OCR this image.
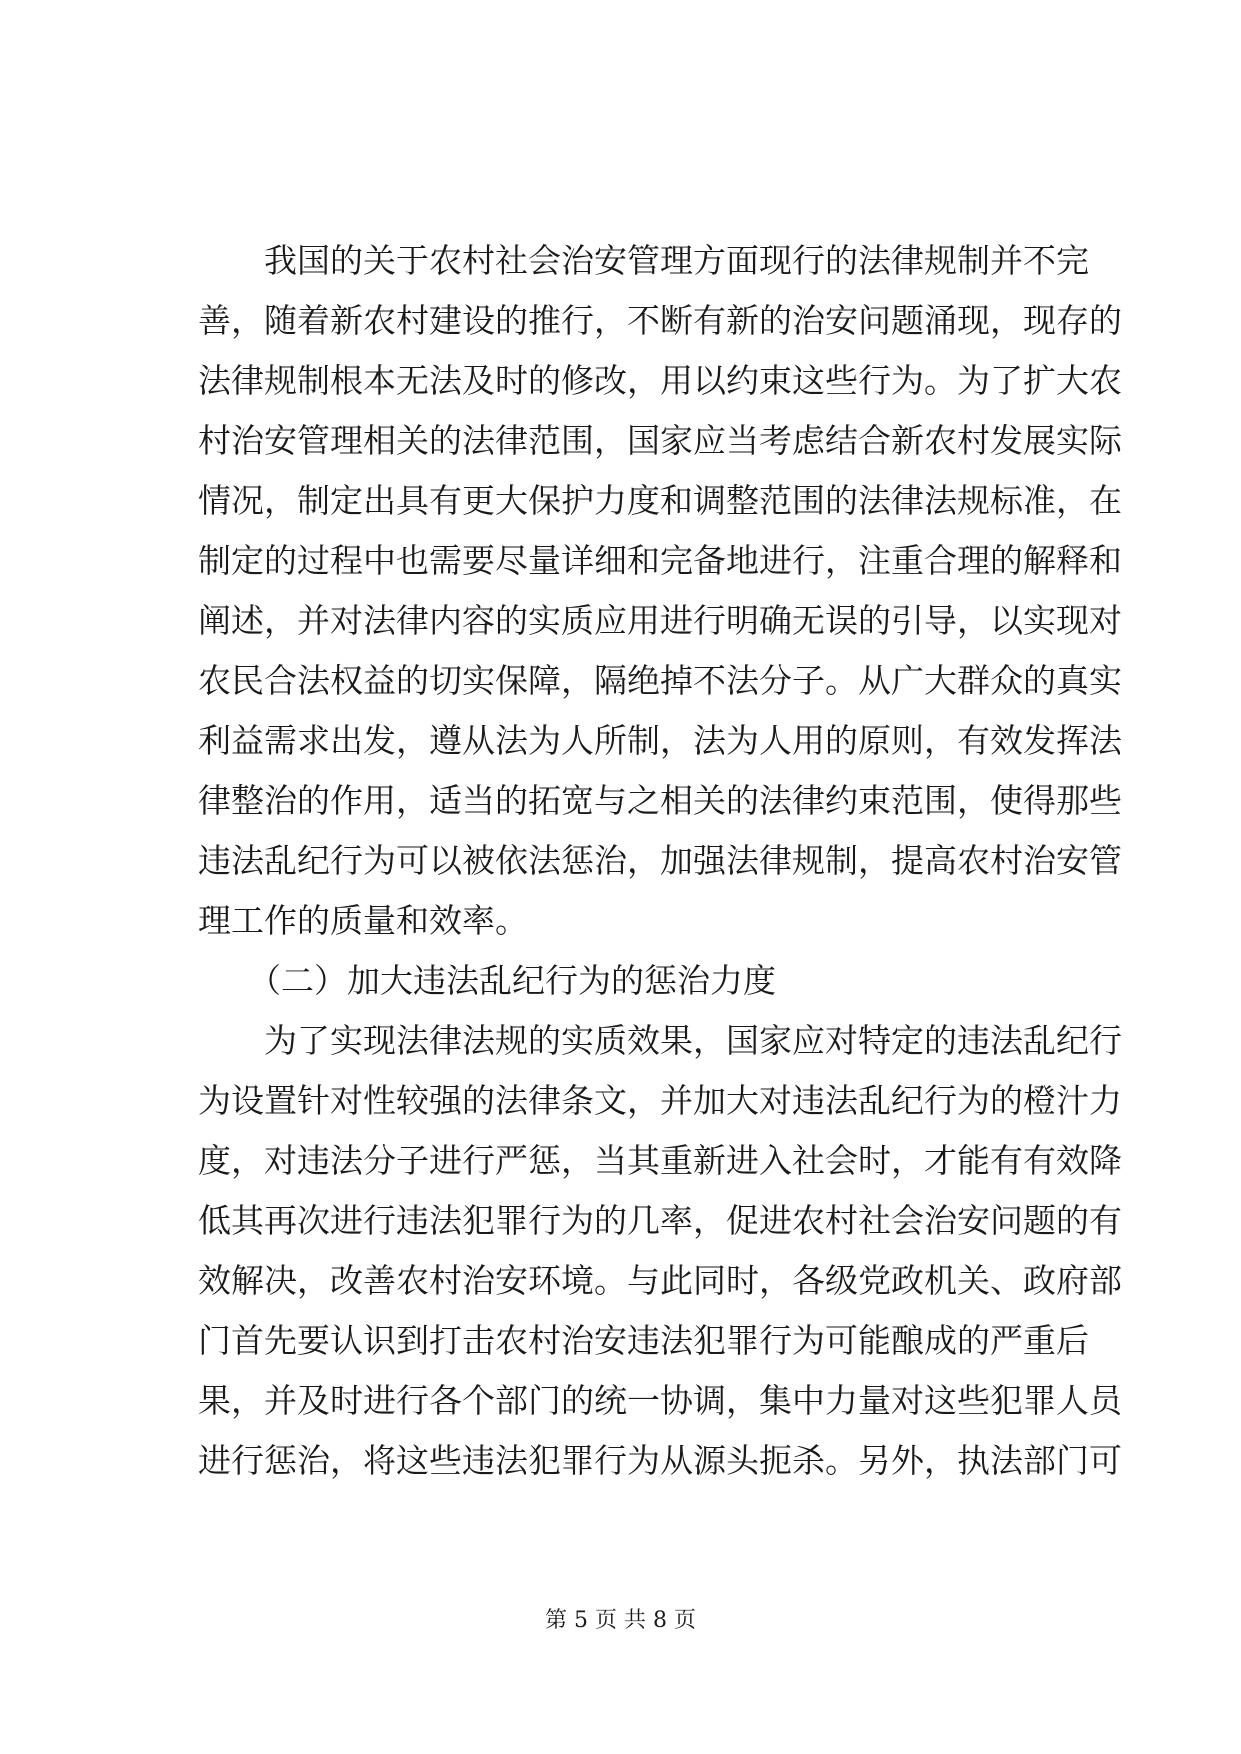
我国的关于农村社会治安管理方面现行的法律规制并不完
善，随着新农村建设的推行，不断有新的治安问题涌现，现存的
法律规制根本无法及时的修改，用以约束这些行为。为了扩大农
村治安管理相关的法律范围，国家应当考虑结合新农村发展实际
情况，制定出具有更大保护力度和调整范围的法律法规标准，在
制定的过程中也需要尽量详细和完备地进行，注重合理的解释和
阐述，并对法律内容的实质应用进行明确无误的引导，以实现对
农民合法权益的切实保障，隔绝掉不法分子。从广大群众的真实
利益需求出发，遵从法为人所制，法为人用的原则，有效发挥法
律整治的作用，适当的拓宽与之相关的法律约束范围，使得那些
违法乱纪行为可以被依法惩治，加强法律规制，提高农村治安管
理工作的质量和效率。
（二）加大违法乱纪行为的惩治力度
为了实现法律法规的实质效果，国家应对特定的违法乱纪行
为设置针对性较强的法律条文，并加大对违法乱纪行为的橙汁力
度，对违法分子进行严惩，当其重新进入社会时，才能有有效降
低其再次进行违法犯罪行为的几率，促进农村社会治安问题的有
效解决，改善农村治安环境。与此同时，各级党政机关、政府部
门首先要认识到打击农村治安违法犯罪行为可能酿成的严重后
果，并及时进行各个部门的统一协调，集中力量对这些犯罪人员
进行惩治，将这些违法犯罪行为从源头扼杀。另外，执法部门可
第 5 页 共 8 页
